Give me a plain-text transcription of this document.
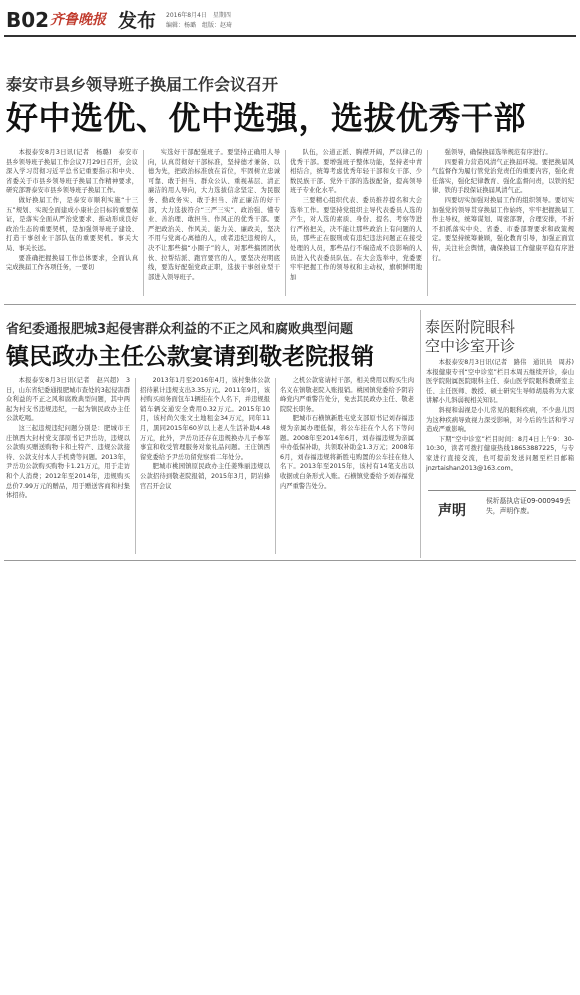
B02 齐鲁晚报 发布 2016年8月4日　星期四
编辑：杨璐　组版：赵琦
泰安市县乡领导班子换届工作会议召开
好中选优、优中选强，选拔优秀干部

本报泰安8月3日讯(记者　杨璐)　泰安市县乡领导班子换届工作会议7月29日召开，会议深入学习贯彻习近平总书记重要指示和中央、省委关于市县乡领导班子换届工作精神要求，研究部署泰安市县乡领导班子换届工作。

做好换届工作，是泰安市顺利实施“十三五”规划、实现全面建成小康社会目标的重要保证，是落实全面从严治党要求、推动形成良好政治生态的重要契机，是加强领导班子建设、打造干事创业干部队伍的重要契机。事关大局、事关长远。

要准确把握换届工作总体要求，全面认真完成换届工作各项任务，一要切

实选好干部配强班子。要坚持正确用人导向，认真贯彻好干部标准，坚持德才兼备、以德为先，把政治标准放在首位，牢固树立忠诚可靠、敢于担当、群众公认、重视基层、清正廉洁的用人导向，大力选拔信念坚定、为民服务、勤政务实、敢于担当、清正廉洁的好干部，大力选拔符合“三严三实”、政治强、懂专业、善治理、敢担当、作风正的优秀干部。要严把政治关、作风关、能力关、廉政关，坚决不用与党离心离德的人，或者违纪违规的人，决不让那些搞“小圈子”的人，对那些搞团团伙伙、拉帮结派、跑官要官的人，要坚决亮明底线，要选好配强党政正职，选拔干事创业型干部进入领导班子。

队伍，公道正派、胸襟开阔，严以律己的优秀干部。要增强班子整体功能，坚持老中青相结合，统筹考虑优秀年轻干部和女干部、少数民族干部、党外干部的选拔配备，提高领导班子专业化水平。

三要精心组织代表、委员推荐提名和大会选举工作。要坚持党组织主导代表委员人选的产生，对人选的素质、身份、提名、考察等进行严格把关，决不能让那些政治上有问题的人员，那些正在服刑或有违纪违法问题正在接受处理的人员，那些品行不端造成不良影响的人员进入代表委员队伍。在大会选举中，党委要牢牢把握工作的领导权和主动权，旗帜鲜明地加

强领导，确保换届选举规范有序进行。

四要着力营造风清气正换届环境。要把换届风气监督作为履行管党治党责任的重要内容，强化责任落实，强化纪律教育、强化监督问责，以铁的纪律、铁的手段保证换届风清气正。

四要切实加强对换届工作的组织领导。要切实加强党的领导贯穿换届工作始终，牢牢把握换届工作主导权，统筹谋划、周密部署，合理安排，不折不扣抓落实中央、省委、市委部署要求和政策规定。要坚持统筹兼顾，强化教育引导，加强正面宣传，关注社会舆情，确保换届工作健康平稳有序进行。

省纪委通报肥城3起侵害群众利益的不正之风和腐败典型问题
镇民政办主任公款宴请到敬老院报销

本报泰安8月3日讯(记者　赵兴超)　3日，山东省纪委通报肥城市查处的3起侵害群众利益的不正之风和腐败典型问题，其中两起为村支书违规违纪，一起为镇民政办主任公款吃喝。

这三起违规违纪问题分别是：肥城市王庄镇西大封村党支部原书记尹岳功，违规以公款购买赠送购物卡和土特产、违规公款接待、公款支付本人手机费等问题。2013年，尹岳功公款购买购物卡1.21万元，用于走访和个人消费；2012年至2014年，违规购买总价7.99万元的赠品，用于赠送客商和村集体招待。

2013年1月至2016年4月，该村集体公款招待累计违规支出3.35万元。2011年9月，该村购买商务面包车1辆挂在个人名下，并违规报销车辆交通安全费用0.32万元。2015年10月，该村尚欠张文土地租金34万元，同年11月，黑同2015年60岁以上老人生活补助4.48万元，此外，尹岳功还存在违规换办儿子参军事宜和收受管理服务对象礼品问题。王庄镇西留党委给予尹岳功留党察看二年处分。

肥城市桃园镇原民政办主任姜殊丽违规以公款招待到敬老院报销，2015年3月，阴岩蜂官召开会议

之机公款宴请村干部，相关费用以购买生肉名义在镇敬老院入账报销。桃园镇党委给予阴岩峰党内严重警告处分，免去其民政办主任、敬老院院长职务。

肥城市石横镇新胜屯党支部原书记刘春福违规为亲属办理低保，将公车挂在个人名下等问题。2008年至2014年6月，刘春福违规为亲属申办低保补助，共领取补助金1.3万元；2008年6月，刘春福违规将新胜屯购置的公车挂在他人名下。2013年至2015年，该村有14笔支出以收据或白条形式入账。石横镇党委给予刘春福党内严重警告处分。

泰医附院眼科
空中诊室开诊

本报泰安8月3日讯(记者　路伟　通讯员　周苏)　本报健康专刊“空中诊室”栏目本周五继续开诊，泰山医学院附属医院眼科主任、泰山医学院眼科教研室主任、主任医师、教授、硕士研究生导师胡晨将为大家讲解小儿斜弱视相关知识。

斜视和弱视是小儿常见的眼科疾病，不少患儿因为这种疾病导致视力深受影响，对今后的生活和学习造成严重影响。

下期“空中诊室”栏目时间：8月4日上午9：30-10:30，读者可拨打健康热线18653887225，与专家进行直接交流，也可提前发送问题至栏目邮箱jnzrtaishan2013@163.com。

声明
侯圻磊执店证09-000949丢失，声明作废。
